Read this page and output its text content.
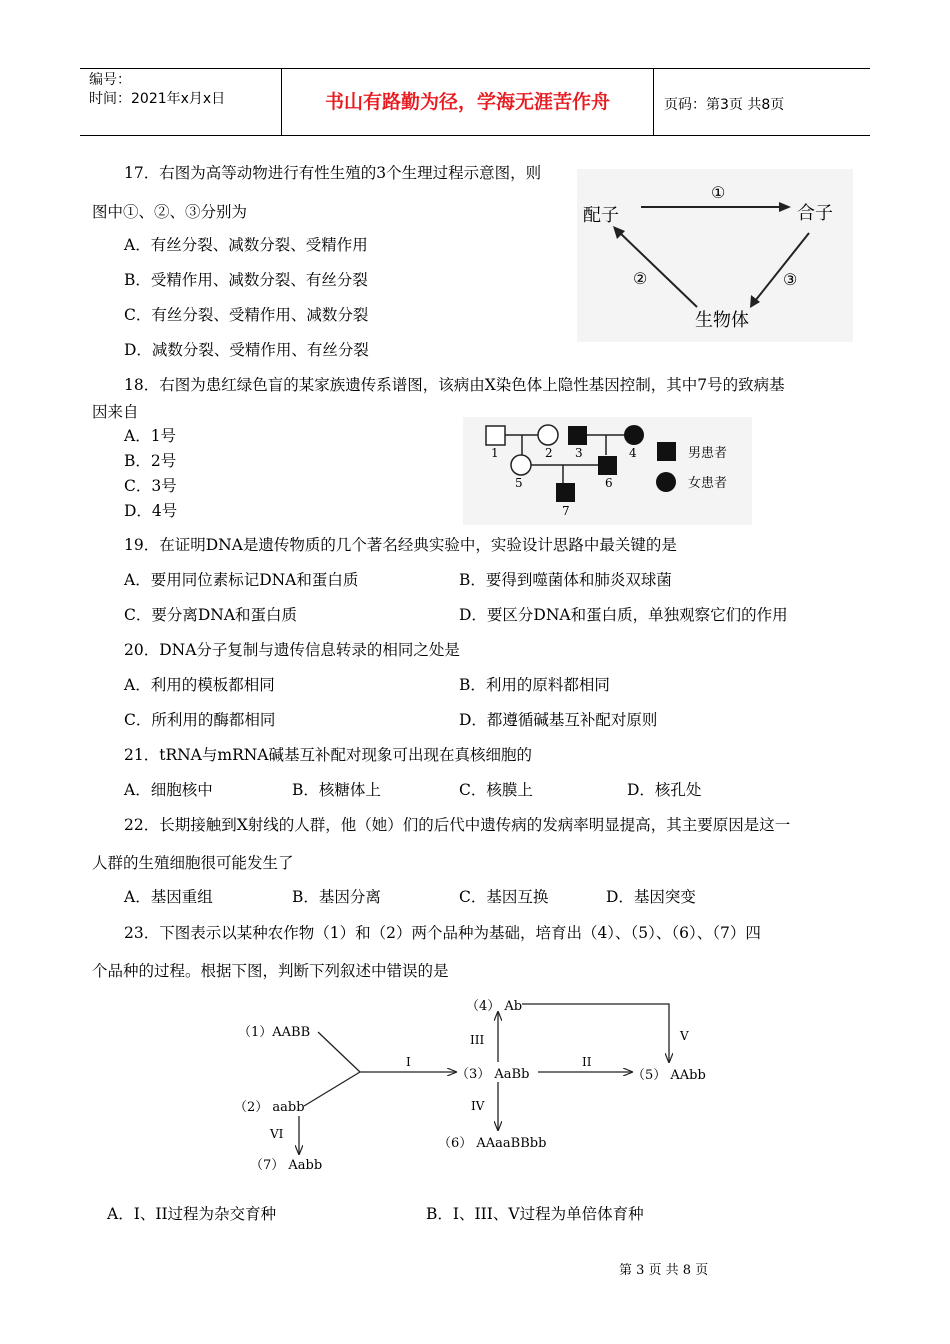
编号：
时间：2021年x月x日	书山有路勤为径，学海无涯苦作舟	页码：第3页 共8页
17．右图为高等动物进行有性生殖的3个生理过程示意图，则
图中①、②、③分别为
A．有丝分裂、减数分裂、受精作用
B．受精作用、减数分裂、有丝分裂
C．有丝分裂、受精作用、减数分裂
D．减数分裂、受精作用、有丝分裂
配子	合子
生物体
①
②	③
18．右图为患红绿色盲的某家族遗传系谱图，该病由X染色体上隐性基因控制，其中7号的致病基
因来自
A．1号
B．2号
C．3号
D．4号
1	2 3	4
5	6
7
男患者
女患者
19．在证明DNA是遗传物质的几个著名经典实验中，实验设计思路中最关键的是
A．要用同位素标记DNA和蛋白质	B．要得到噬菌体和肺炎双球菌
C．要分离DNA和蛋白质	D．要区分DNA和蛋白质，单独观察它们的作用
20．DNA分子复制与遗传信息转录的相同之处是
A．利用的模板都相同	B．利用的原料都相同
C．所利用的酶都相同	D．都遵循碱基互补配对原则
21．tRNA与mRNA碱基互补配对现象可出现在真核细胞的
A．细胞核中	B．核糖体上	C．核膜上	D．核孔处
22．长期接触到X射线的人群，他（她）们的后代中遗传病的发病率明显提高，其主要原因是这一
人群的生殖细胞很可能发生了
A．基因重组	B．基因分离	C．基因互换	D．基因突变
23．下图表示以某种农作物（1）和（2）两个品种为基础，培育出（4）、（5）、（6）、（7）四
个品种的过程。根据下图，判断下列叙述中错误的是
（1）AABB
（2） aabb
（3） AaBb
（4） Ab
（5） AAbb
（6） AAaaBBbb
（7） Aabb
I	II
III
IV
V
VI
A．I、II过程为杂交育种	B．I、III、V过程为单倍体育种
第 3 页 共 8 页
